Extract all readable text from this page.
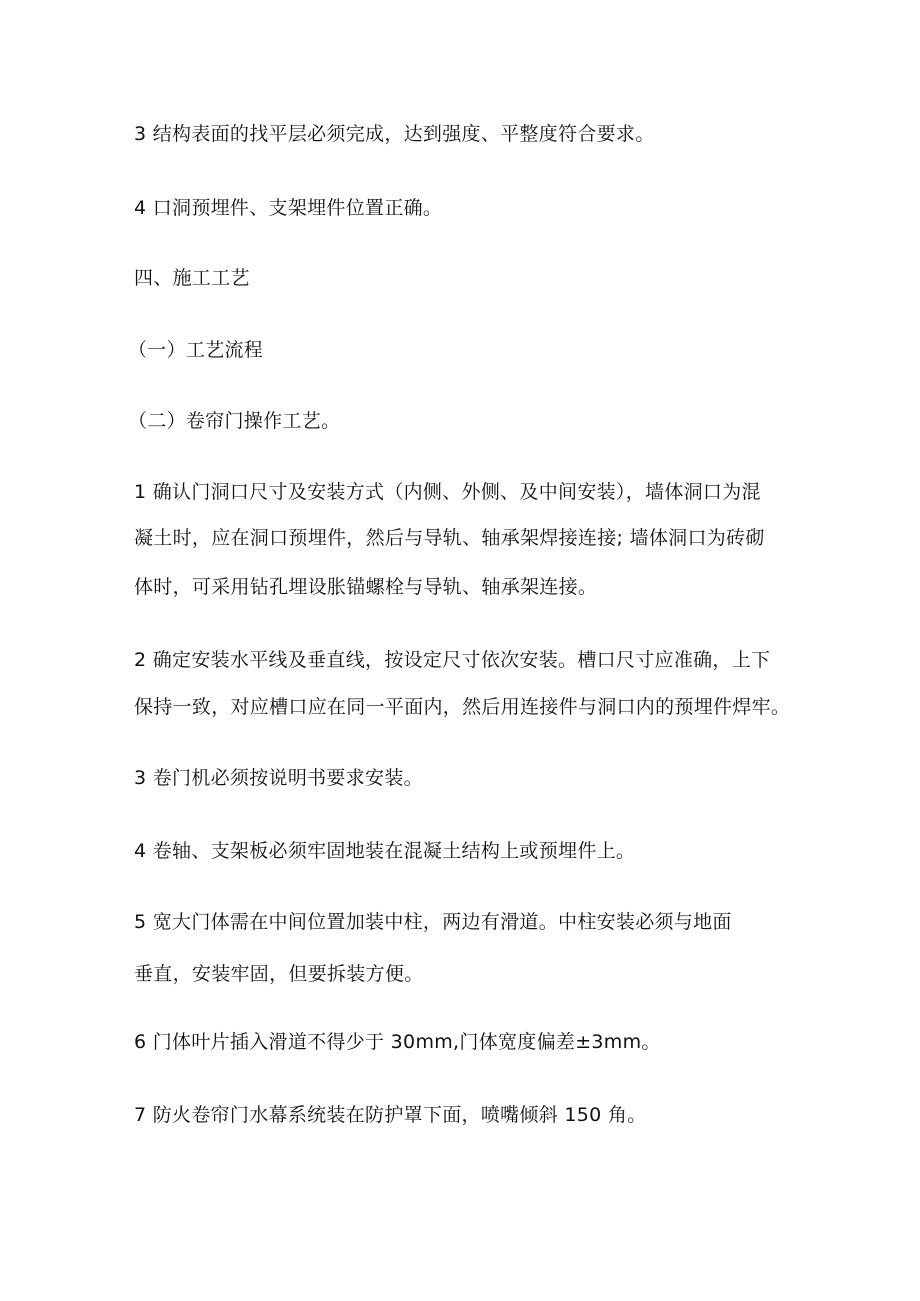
3 结构表面的找平层必须完成，达到强度、平整度符合要求。
4 口洞预埋件、支架埋件位置正确。
四、施工工艺
（一）工艺流程
（二）卷帘门操作工艺。
1 确认门洞口尺寸及安装方式（内侧、外侧、及中间安装），墙体洞口为混
凝土时，应在洞口预埋件，然后与导轨、轴承架焊接连接; 墙体洞口为砖砌
体时，可采用钻孔埋设胀锚螺栓与导轨、轴承架连接。
2 确定安装水平线及垂直线，按设定尺寸依次安装。槽口尺寸应准确，上下
保持一致，对应槽口应在同一平面内，然后用连接件与洞口内的预埋件焊牢。
3 卷门机必须按说明书要求安装。
4 卷轴、支架板必须牢固地装在混凝土结构上或预埋件上。
5 宽大门体需在中间位置加装中柱，两边有滑道。中柱安装必须与地面
垂直，安装牢固，但要拆装方便。
6 门体叶片插入滑道不得少于 30mm,门体宽度偏差±3mm。
7 防火卷帘门水幕系统装在防护罩下面，喷嘴倾斜 150 角。
